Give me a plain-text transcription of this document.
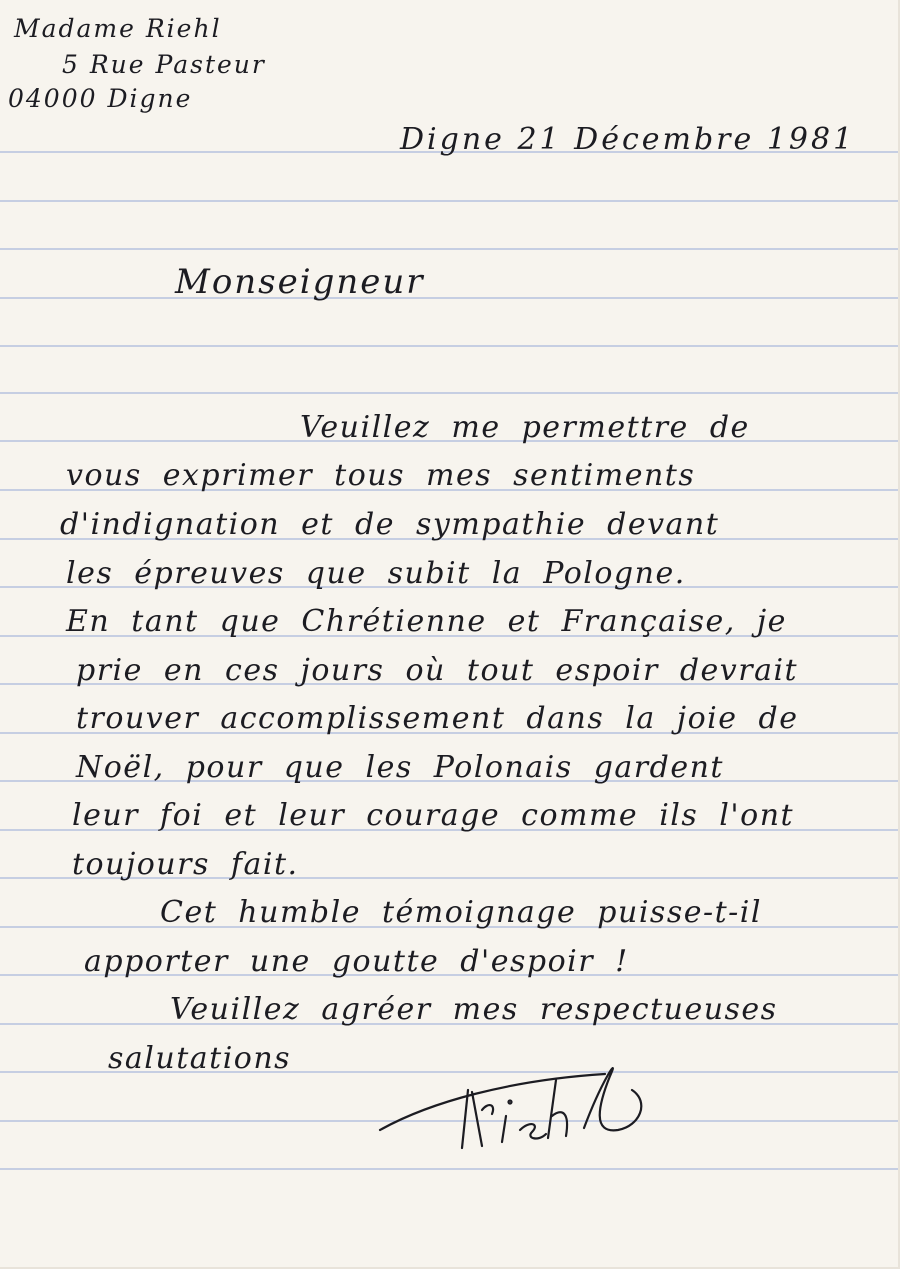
Madame Riehl
5 Rue Pasteur
04000 Digne
Digne 21 Décembre 1981
Monseigneur
Veuillez me permettre de
vous exprimer tous mes sentiments
d'indignation et de sympathie devant
les épreuves que subit la Pologne.
En tant que Chrétienne et Française, je
prie en ces jours où tout espoir devrait
trouver accomplissement dans la joie de
Noël, pour que les Polonais gardent
leur foi et leur courage comme ils l'ont
toujours fait.
Cet humble témoignage puisse-t-il
apporter une goutte d'espoir !
Veuillez agréer mes respectueuses
salutations
